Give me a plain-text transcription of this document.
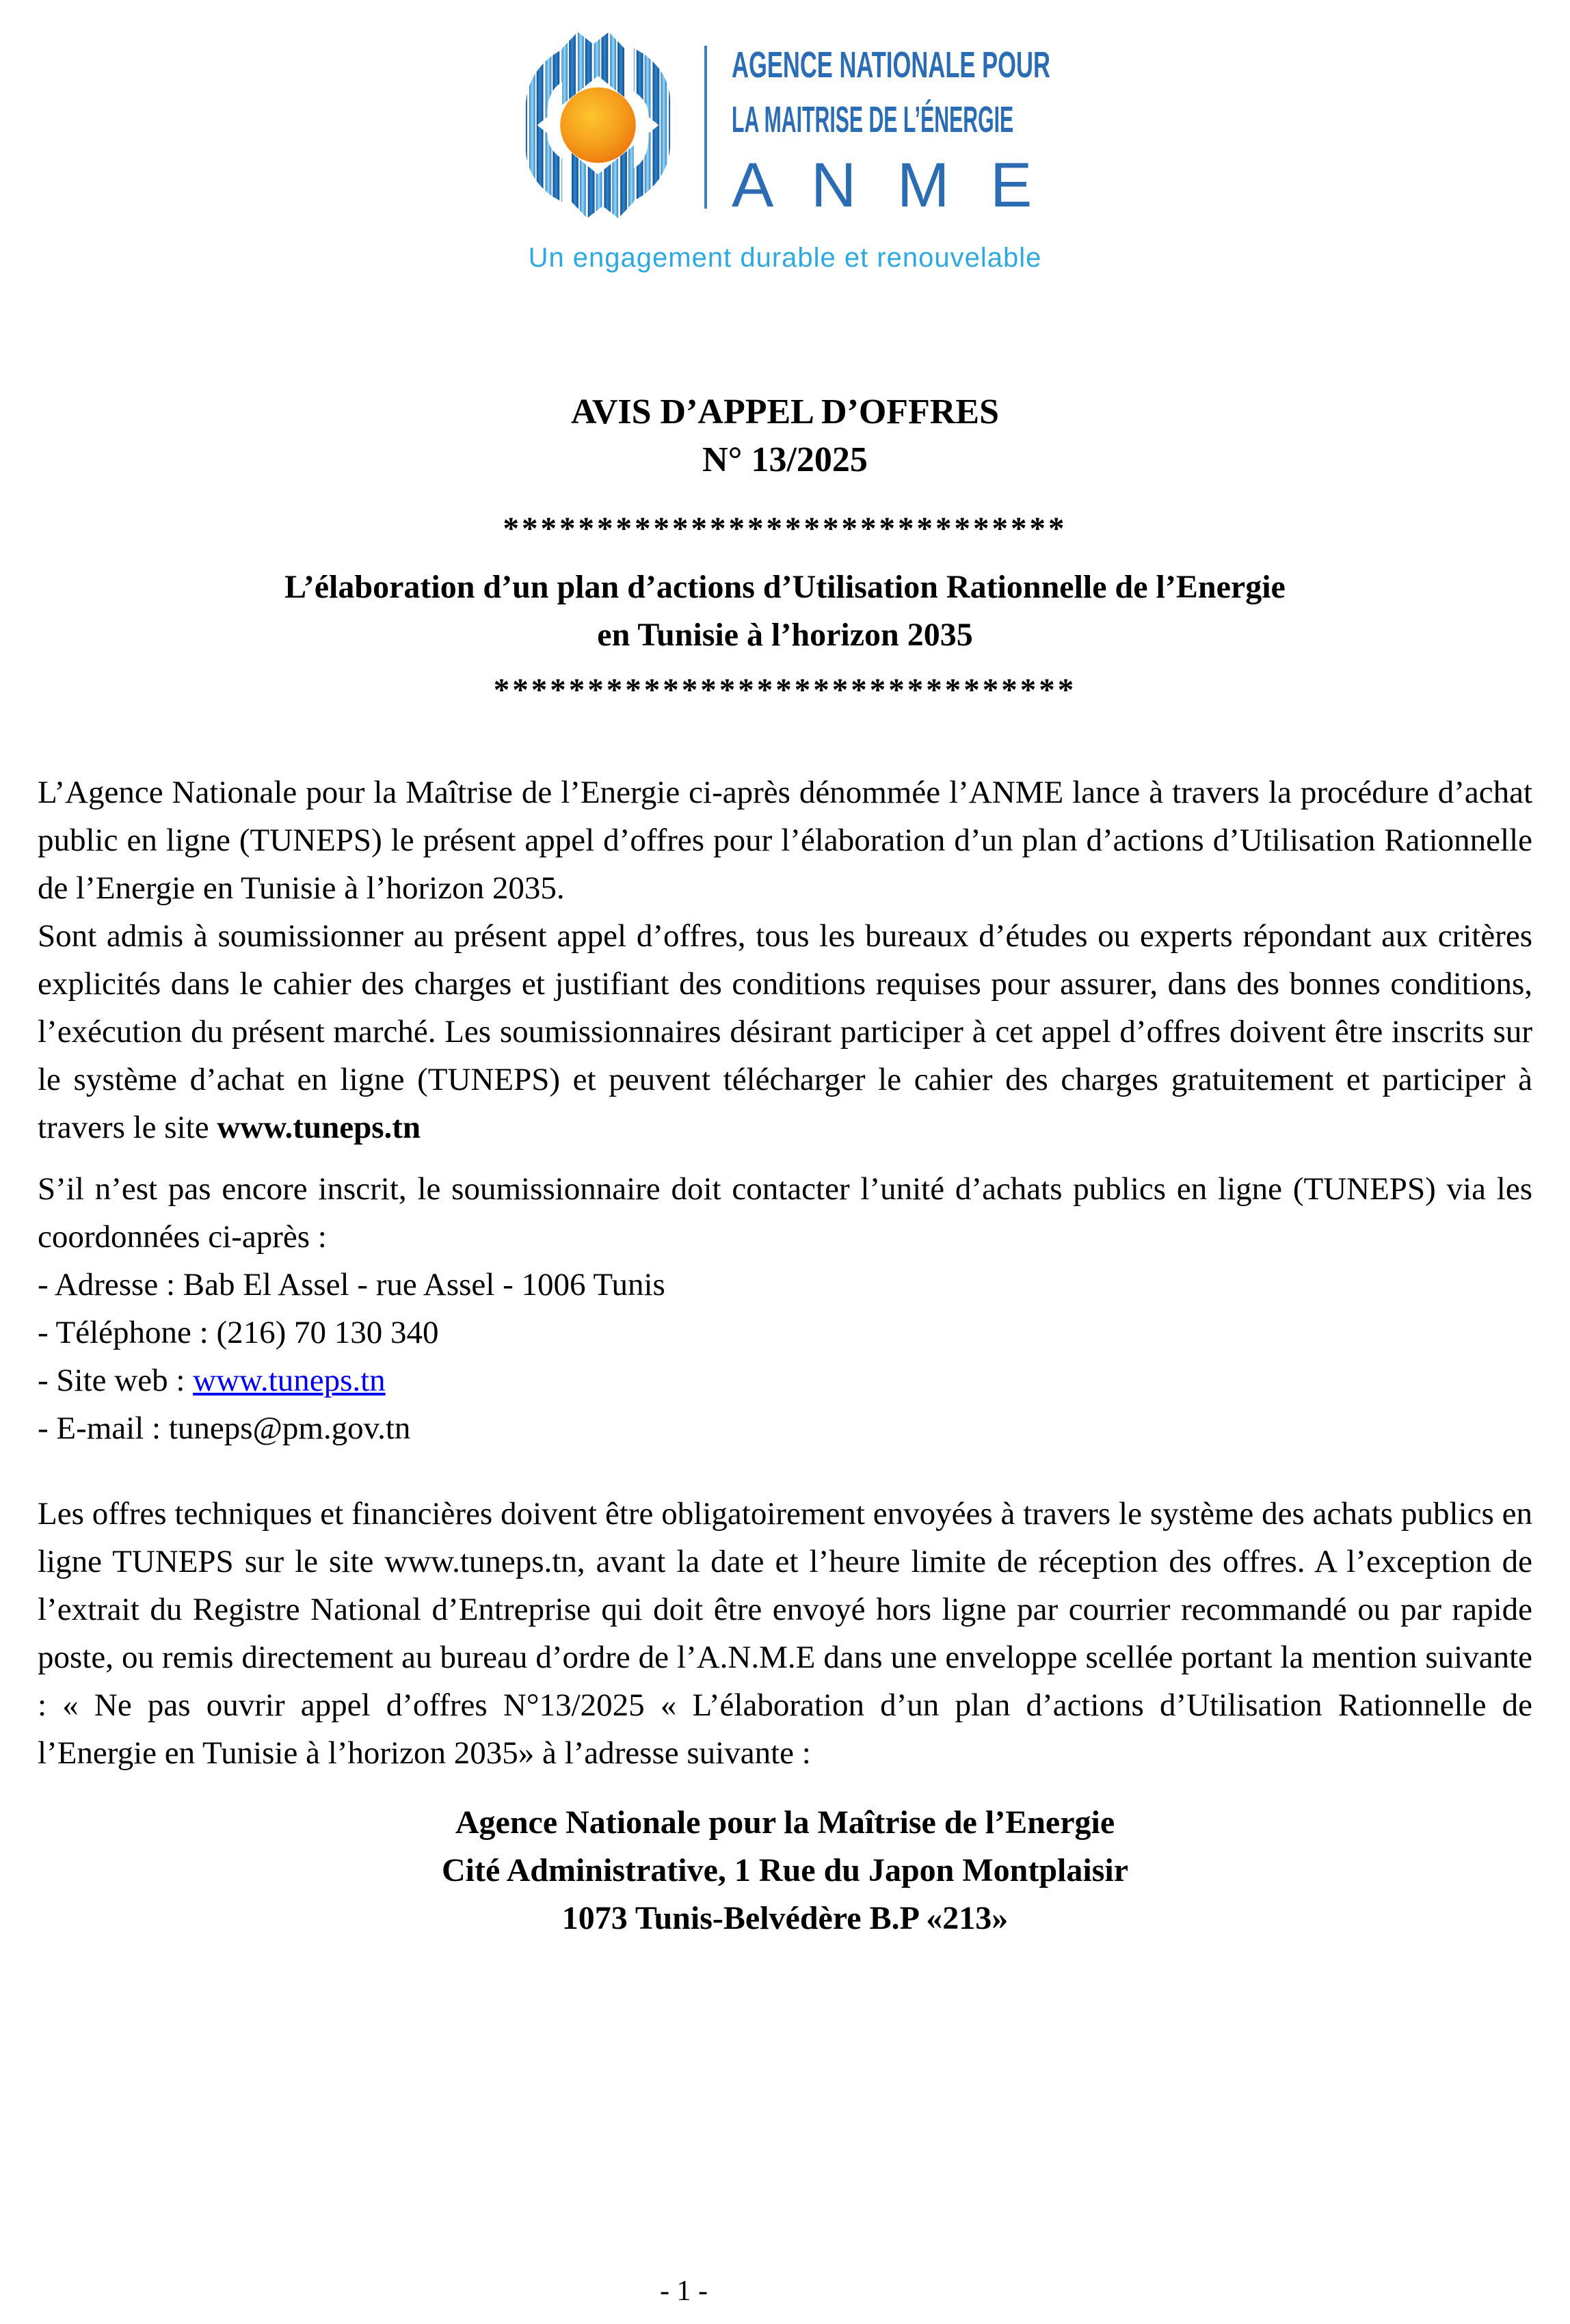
AGENCE NATIONALE POUR
LA MAITRISE DE L’ÉNERGIE
A N M E
Un engagement durable et renouvelable
AVIS D’APPEL D’OFFRES
N° 13/2025
******************************
L’élaboration d’un plan d’actions d’Utilisation Rationnelle de l’Energie
en Tunisie à l’horizon 2035
*******************************

L’Agence Nationale pour la Maîtrise de l’Energie ci-après dénommée l’ANME lance à travers la procédure d’achat public en ligne (TUNEPS) le présent appel d’offres pour l’élaboration d’un plan d’actions d’Utilisation Rationnelle de l’Energie en Tunisie à l’horizon 2035.

Sont admis à soumissionner au présent appel d’offres, tous les bureaux d’études ou experts répondant aux critères explicités dans le cahier des charges et justifiant des conditions requises pour assurer, dans des bonnes conditions, l’exécution du présent marché. Les soumissionnaires désirant participer à cet appel d’offres doivent être inscrits sur le système d’achat en ligne (TUNEPS) et peuvent télécharger le cahier des charges gratuitement et participer à travers le site www.tuneps.tn

S’il n’est pas encore inscrit, le soumissionnaire doit contacter l’unité d’achats publics en ligne (TUNEPS) via les coordonnées ci-après :

- Adresse : Bab El Assel - rue Assel - 1006 Tunis
- Téléphone : (216) 70 130 340
- Site web : www.tuneps.tn
- E-mail : tuneps@pm.gov.tn

Les offres techniques et financières doivent être obligatoirement envoyées à travers le système des achats publics en ligne TUNEPS sur le site www.tuneps.tn, avant la date et l’heure limite de réception des offres. A l’exception de l’extrait du Registre National d’Entreprise qui doit être envoyé hors ligne par courrier recommandé ou par rapide poste, ou remis directement au bureau d’ordre de l’A.N.M.E dans une enveloppe scellée portant la mention suivante : « Ne pas ouvrir appel d’offres N°13/2025 « L’élaboration d’un plan d’actions d’Utilisation Rationnelle de l’Energie en Tunisie à l’horizon 2035» à l’adresse suivante :

Agence Nationale pour la Maîtrise de l’Energie
Cité Administrative, 1 Rue du Japon Montplaisir
1073 Tunis-Belvédère B.P «213»
- 1 -
